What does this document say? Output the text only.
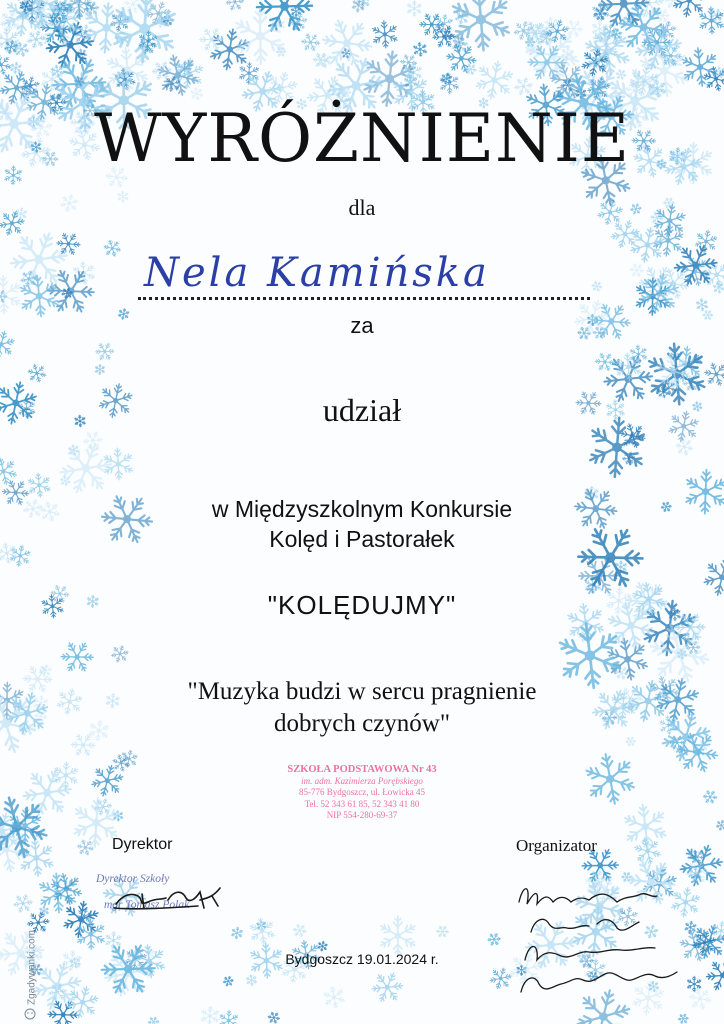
WYRÓŻNIENIE
dla
Nela Kamińska
za
udział
w Międzyszkolnym Konkursie
Kolęd i Pastorałek
"KOLĘDUJMY"
"Muzyka budzi w sercu pragnienie
dobrych czynów"
SZKOŁA PODSTAWOWA Nr 43
im. adm. Kazimierza Porębskiego
85-776 Bydgoszcz, ul. Łowicka 45
Tel. 52 343 61 85, 52 343 41 80
NIP 554-280-69-37
Dyrektor	Organizator
Dyrektor Szkoły
mgr Tomasz Polak
Bydgoszcz 19.01.2024 r.
Zgadywanki.com
